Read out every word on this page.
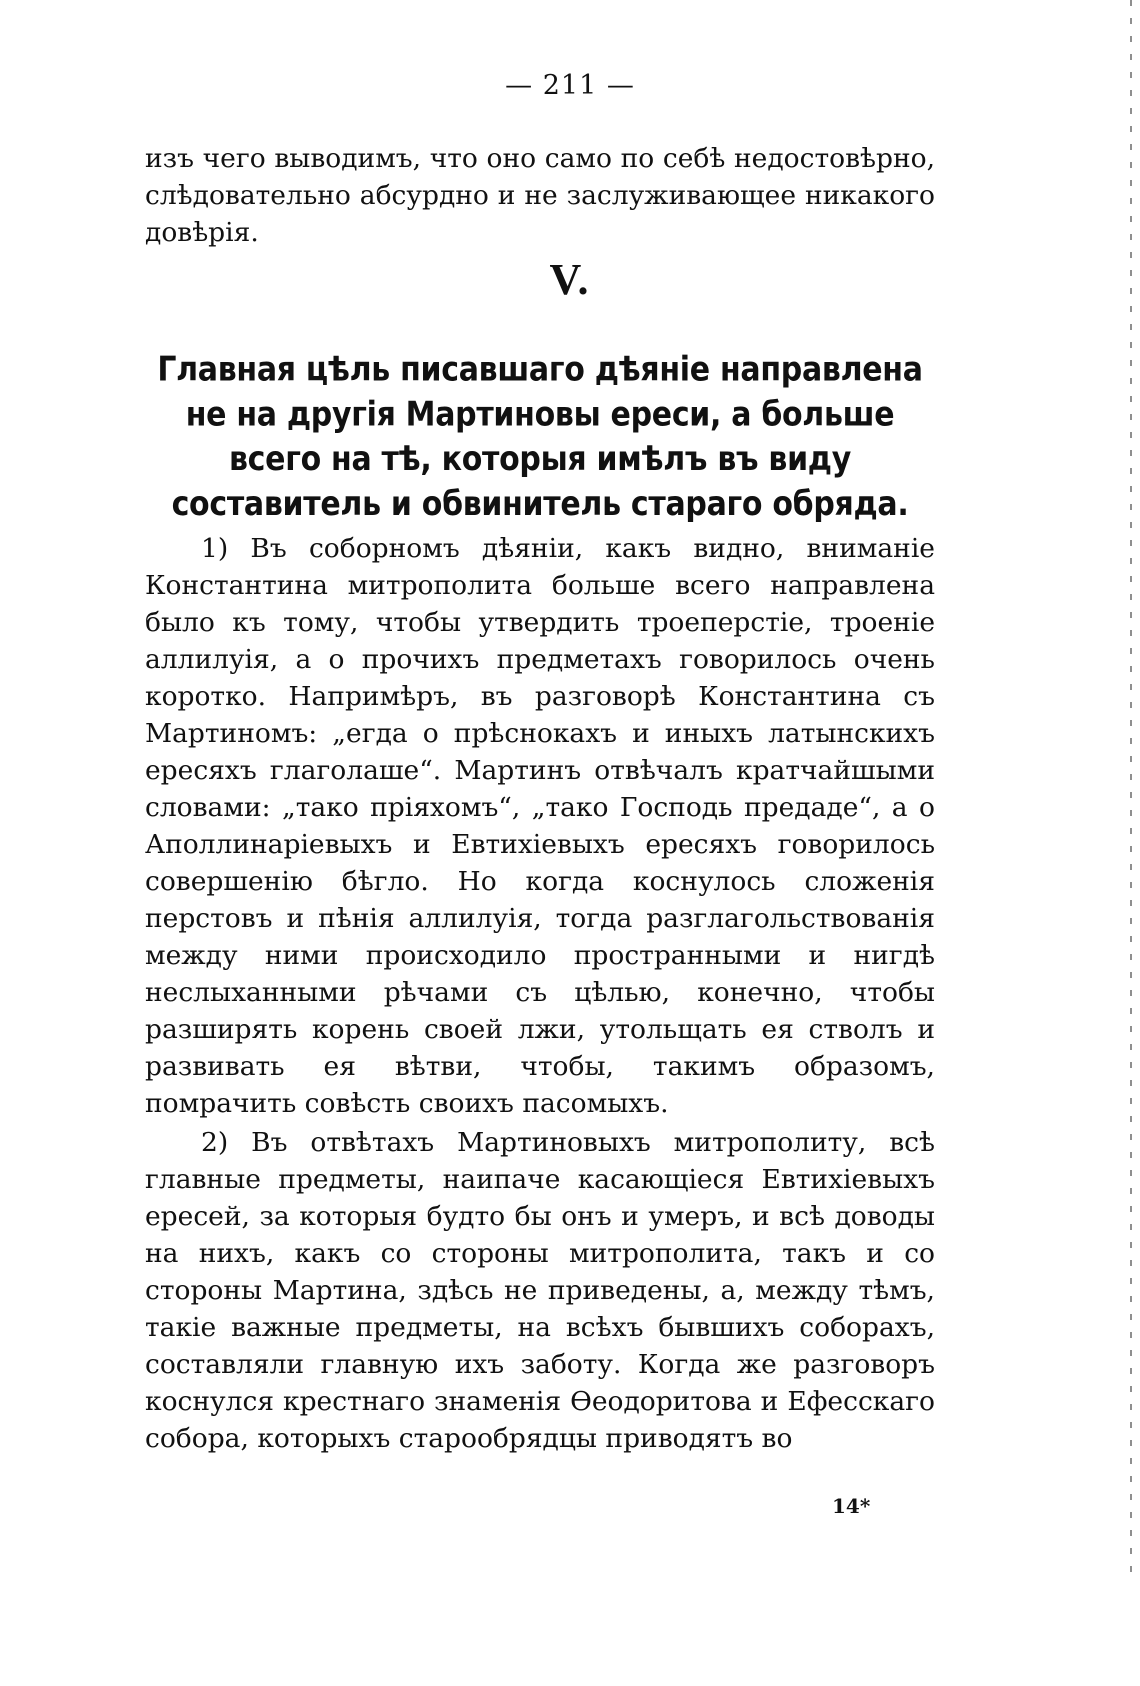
— 211 —
изъ чего выводимъ, что оно само по себѣ недостовѣрно, слѣдовательно абсурдно и не заслуживающее никакого довѣрія.
V.
Главная цѣль писавшаго дѣяніе направлена не на другія Мартиновы ереси, а больше всего на тѣ, которыя имѣлъ въ виду составитель и обвинитель стараго обряда.

1) Въ соборномъ дѣяніи, какъ видно, вниманіе Константина митрополита больше всего направлена было къ тому, чтобы утвердить троеперстіе, троеніе аллилуія, а о прочихъ предметахъ говорилось очень коротко. Напримѣръ, въ разговорѣ Константина съ Мартиномъ: „егда о прѣснокахъ и иныхъ латынскихъ ересяхъ глаголаше“. Мартинъ отвѣчалъ кратчайшыми словами: „тако пріяхомъ“, „тако Господь предаде“, а о Аполлинаріевыхъ и Евтихіевыхъ ересяхъ говорилось совершенію бѣгло. Но когда коснулось сложенія перстовъ и пѣнія аллилуія, тогда разглагольствованія между ними происходило пространными и нигдѣ неслыханными рѣчами съ цѣлью, конечно, чтобы разширять корень своей лжи, утольщать ея стволъ и развивать ея вѣтви, чтобы, такимъ образомъ, помрачить совѣсть своихъ пасомыхъ.

2) Въ отвѣтахъ Мартиновыхъ митрополиту, всѣ главные предметы, наипаче касающіеся Евтихіевыхъ ересей, за которыя будто бы онъ и умеръ, и всѣ доводы на нихъ, какъ со стороны митрополита, такъ и со стороны Мартина, здѣсь не приведены, а, между тѣмъ, такіе важные предметы, на всѣхъ бывшихъ соборахъ, составляли главную ихъ заботу. Когда же разговоръ коснулся крестнаго знаменія Ѳеодоритова и Ефесскаго собора, которыхъ старообрядцы приводятъ во

14*
